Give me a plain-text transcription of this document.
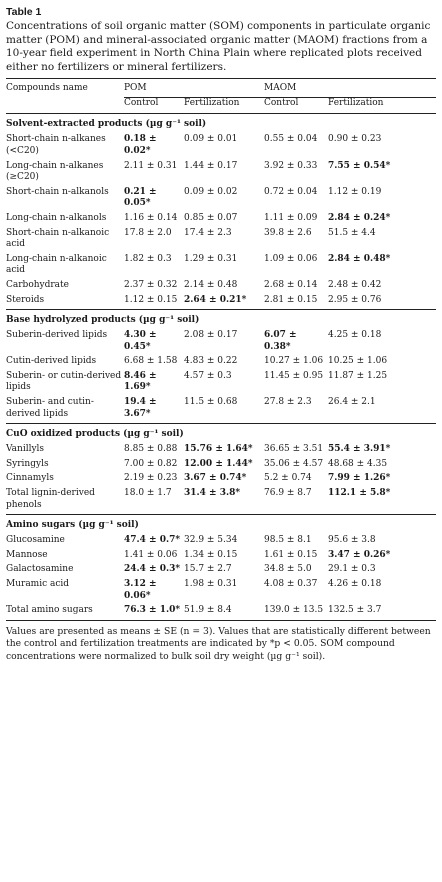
Table 1
Concentrations of soil organic matter (SOM) components in particulate organic matter (POM) and mineral-associated organic matter (MAOM) fractions from a 10-year field experiment in North China Plain where replicated plots received either no fertilizers or mineral fertilizers.
Compounds name	POM		MAOM	
	Control	Fertilization	Control	Fertilization
Solvent-extracted products (µg g⁻¹ soil)				
Short-chain n-alkanes (<C20)	0.18 ± 0.02*	0.09 ± 0.01	0.55 ± 0.04	0.90 ± 0.23
Long-chain n-alkanes (≥C20)	2.11 ± 0.31	1.44 ± 0.17	3.92 ± 0.33	7.55 ± 0.54*
Short-chain n-alkanols	0.21 ± 0.05*	0.09 ± 0.02	0.72 ± 0.04	1.12 ± 0.19
Long-chain n-alkanols	1.16 ± 0.14	0.85 ± 0.07	1.11 ± 0.09	2.84 ± 0.24*
Short-chain n-alkanoic acid	17.8 ± 2.0	17.4 ± 2.3	39.8 ± 2.6	51.5 ± 4.4
Long-chain n-alkanoic acid	1.82 ± 0.3	1.29 ± 0.31	1.09 ± 0.06	2.84 ± 0.48*
Carbohydrate	2.37 ± 0.32	2.14 ± 0.48	2.68 ± 0.14	2.48 ± 0.42
Steroids	1.12 ± 0.15	2.64 ± 0.21*	2.81 ± 0.15	2.95 ± 0.76
Base hydrolyzed products (µg g⁻¹ soil)				
Suberin-derived lipids	4.30 ± 0.45*	2.08 ± 0.17	6.07 ± 0.38*	4.25 ± 0.18
Cutin-derived lipids	6.68 ± 1.58	4.83 ± 0.22	10.27 ± 1.06	10.25 ± 1.06
Suberin- or cutin-derived lipids	8.46 ± 1.69*	4.57 ± 0.3	11.45 ± 0.95	11.87 ± 1.25
Suberin- and cutin-derived lipids	19.4 ± 3.67*	11.5 ± 0.68	27.8 ± 2.3	26.4 ± 2.1
CuO oxidized products (µg g⁻¹ soil)				
Vanillyls	8.85 ± 0.88	15.76 ± 1.64*	36.65 ± 3.51	55.4 ± 3.91*
Syringyls	7.00 ± 0.82	12.00 ± 1.44*	35.06 ± 4.57	48.68 ± 4.35
Cinnamyls	2.19 ± 0.23	3.67 ± 0.74*	5.2 ± 0.74	7.99 ± 1.26*
Total lignin-derived phenols	18.0 ± 1.7	31.4 ± 3.8*	76.9 ± 8.7	112.1 ± 5.8*
Amino sugars (µg g⁻¹ soil)				
Glucosamine	47.4 ± 0.7*	32.9 ± 5.34	98.5 ± 8.1	95.6 ± 3.8
Mannose	1.41 ± 0.06	1.34 ± 0.15	1.61 ± 0.15	3.47 ± 0.26*
Galactosamine	24.4 ± 0.3*	15.7 ± 2.7	34.8 ± 5.0	29.1 ± 0.3
Muramic acid	3.12 ± 0.06*	1.98 ± 0.31	4.08 ± 0.37	4.26 ± 0.18
Total amino sugars	76.3 ± 1.0*	51.9 ± 8.4	139.0 ± 13.5	132.5 ± 3.7

Values are presented as means ± SE (n = 3). Values that are statistically different between the control and fertilization treatments are indicated by *p < 0.05. SOM compound concentrations were normalized to bulk soil dry weight (µg g⁻¹ soil).
